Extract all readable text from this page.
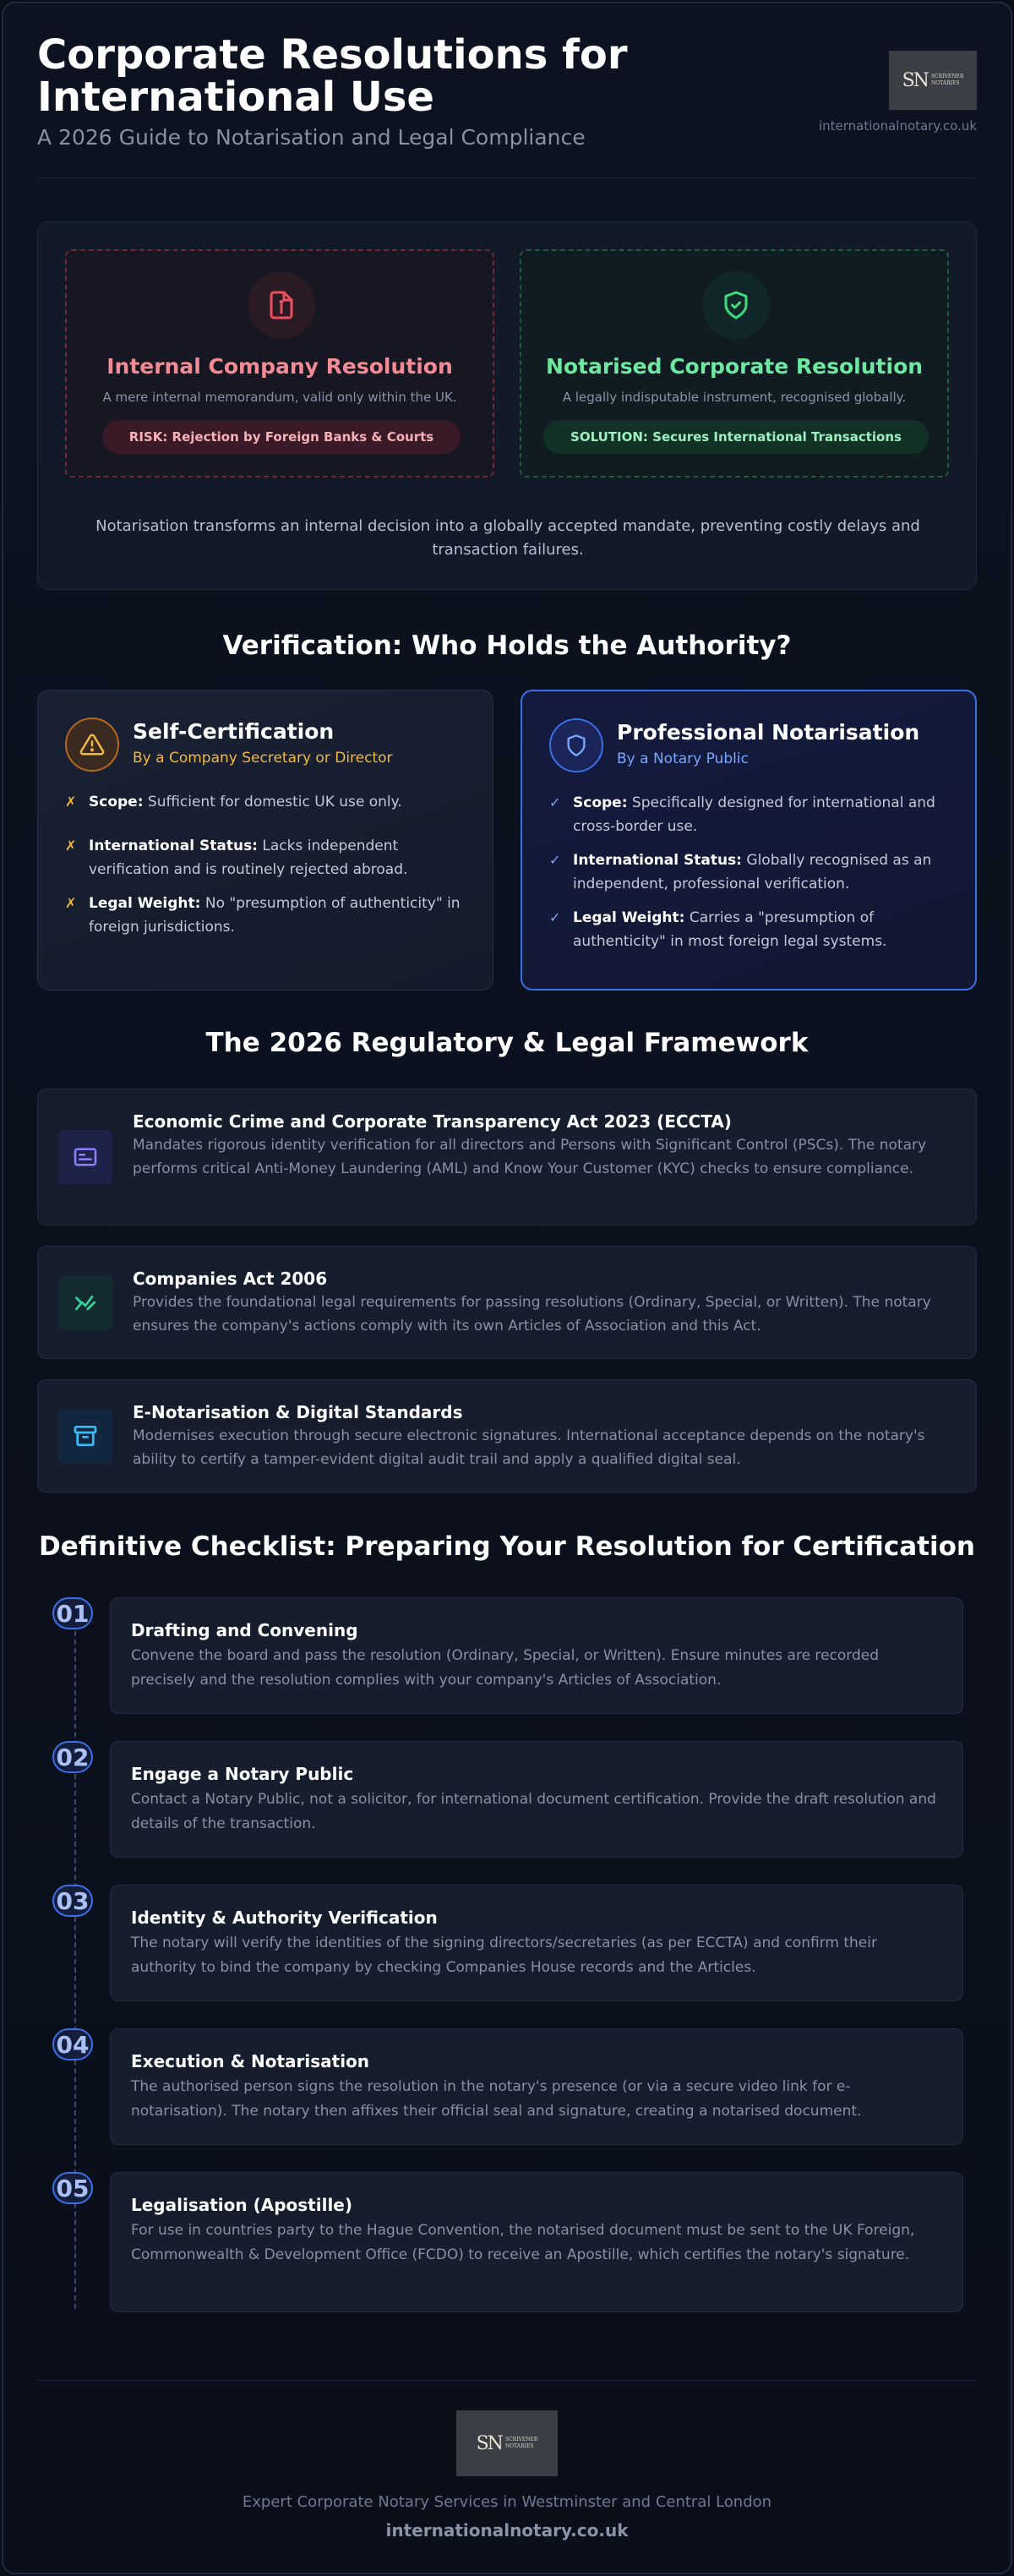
Corporate Resolutions for International Use
A 2026 Guide to Notarisation and Legal Compliance
SN SCRIVENER
NOTARIES
internationalnotary.co.uk
Internal Company Resolution
A mere internal memorandum, valid only within the UK.
RISK: Rejection by Foreign Banks & Courts
Notarised Corporate Resolution
A legally indisputable instrument, recognised globally.
SOLUTION: Secures International Transactions
Notarisation transforms an internal decision into a globally accepted mandate, preventing costly delays and transaction failures.
Verification: Who Holds the Authority?
Self-Certification
By a Company Secretary or Director
✗ Scope: Sufficient for domestic UK use only.
✗ International Status: Lacks independent verification and is routinely rejected abroad.
✗ Legal Weight: No "presumption of authenticity" in foreign jurisdictions.
Professional Notarisation
By a Notary Public
✓ Scope: Specifically designed for international and cross-border use.
✓ International Status: Globally recognised as an independent, professional verification.
✓ Legal Weight: Carries a "presumption of authenticity" in most foreign legal systems.
The 2026 Regulatory & Legal Framework
Economic Crime and Corporate Transparency Act 2023 (ECCTA)
Mandates rigorous identity verification for all directors and Persons with Significant Control (PSCs). The notary performs critical Anti-Money Laundering (AML) and Know Your Customer (KYC) checks to ensure compliance.
Companies Act 2006
Provides the foundational legal requirements for passing resolutions (Ordinary, Special, or Written). The notary ensures the company's actions comply with its own Articles of Association and this Act.
E-Notarisation & Digital Standards
Modernises execution through secure electronic signatures. International acceptance depends on the notary's ability to certify a tamper-evident digital audit trail and apply a qualified digital seal.
Definitive Checklist: Preparing Your Resolution for Certification
01
Drafting and Convening
Convene the board and pass the resolution (Ordinary, Special, or Written). Ensure minutes are recorded precisely and the resolution complies with your company's Articles of Association.
02
Engage a Notary Public
Contact a Notary Public, not a solicitor, for international document certification. Provide the draft resolution and details of the transaction.
03
Identity & Authority Verification
The notary will verify the identities of the signing directors/secretaries (as per ECCTA) and confirm their authority to bind the company by checking Companies House records and the Articles.
04
Execution & Notarisation
The authorised person signs the resolution in the notary's presence (or via a secure video link for e-notarisation). The notary then affixes their official seal and signature, creating a notarised document.
05
Legalisation (Apostille)
For use in countries party to the Hague Convention, the notarised document must be sent to the UK Foreign, Commonwealth & Development Office (FCDO) to receive an Apostille, which certifies the notary's signature.
SN SCRIVENER
NOTARIES
Expert Corporate Notary Services in Westminster and Central London
internationalnotary.co.uk
